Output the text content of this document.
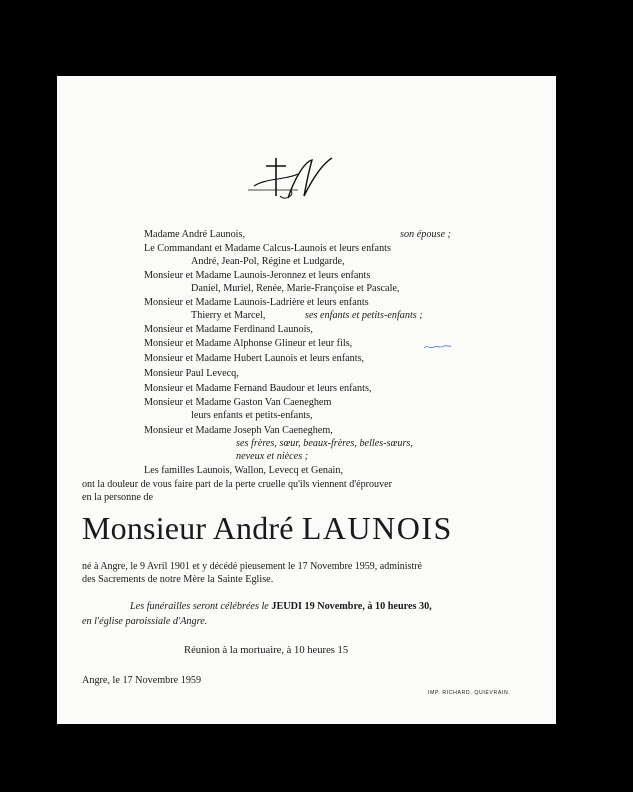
Madame André Launois,	son épouse ;
Le Commandant et Madame Calcus-Launois et leurs enfants
André, Jean-Pol, Régine et Ludgarde,
Monsieur et Madame Launois-Jeronnez et leurs enfants
Daniel, Muriel, Renée, Marie-Françoise et Pascale,
Monsieur et Madame Launois-Ladrière et leurs enfants
Thierry et Marcel,	ses enfants et petits-enfants ;
Monsieur et Madame Ferdinand Launois,
Monsieur et Madame Alphonse Glineur et leur fils,
Monsieur et Madame Hubert Launois et leurs enfants,
Monsieur Paul Levecq,
Monsieur et Madame Fernand Baudour et leurs enfants,
Monsieur et Madame Gaston Van Caeneghem
leurs enfants et petits-enfants,
Monsieur et Madame Joseph Van Caeneghem,
ses frères, sœur, beaux-frères, belles-sœurs,
neveux et nièces ;
Les familles Launois, Wallon, Levecq et Genain,
ont la douleur de vous faire part de la perte cruelle qu'ils viennent d'éprouver
en la personne de
Monsieur André LAUNOIS
né à Angre, le 9 Avril 1901 et y décédé pieusement le 17 Novembre 1959, administré
des Sacrements de notre Mère la Sainte Eglise.
Les funérailles seront célébrées le JEUDI 19 Novembre, à 10 heures 30,
en l'église paroissiale d'Angre.
Réunion à la mortuaire, à 10 heures 15
Angre, le 17 Novembre 1959
IMP. RICHARD, QUIÉVRAIN.
